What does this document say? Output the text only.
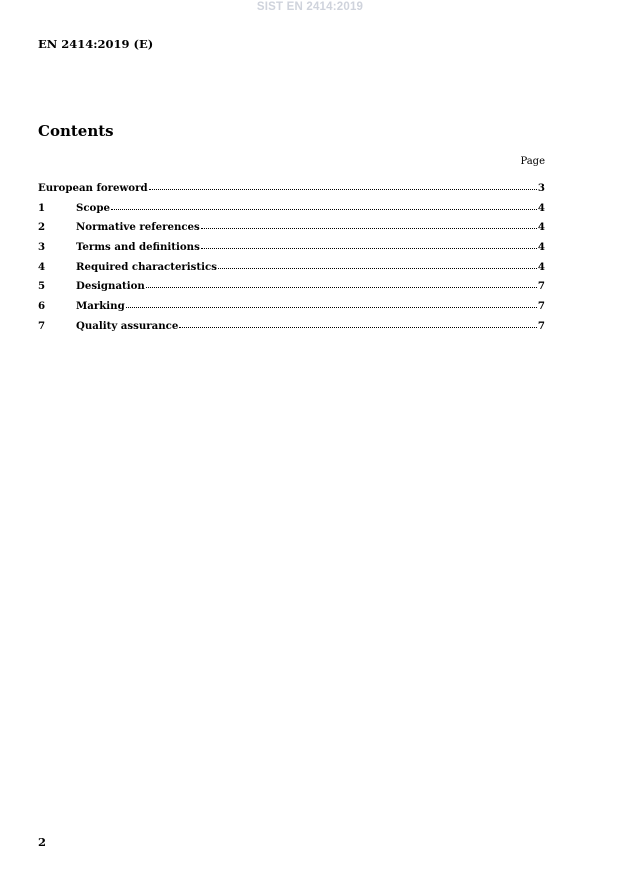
SIST EN 2414:2019
EN 2414:2019 (E)
Contents
Page
European foreword	3
1	Scope	4
2	Normative references	4
3	Terms and definitions	4
4	Required characteristics	4
5	Designation	7
6	Marking	7
7	Quality assurance	7
2
